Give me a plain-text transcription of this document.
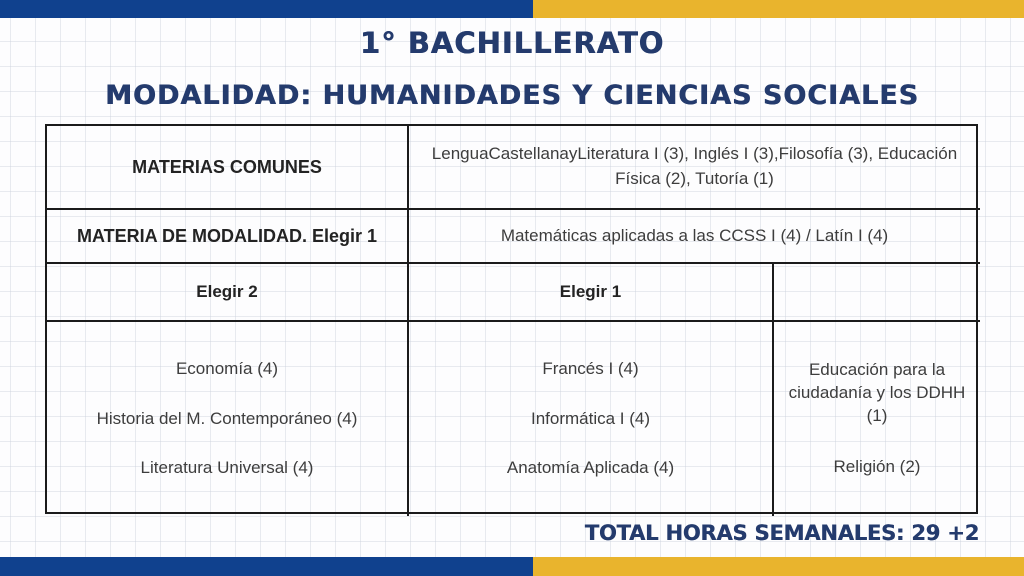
1° BACHILLERATO
MODALIDAD: HUMANIDADES Y CIENCIAS SOCIALES
MATERIAS COMUNES
LenguaCastellanayLiteratura I (3), Inglés I (3),Filosofía (3), Educación Física (2), Tutoría (1)
MATERIA DE MODALIDAD. Elegir 1	Matemáticas aplicadas a las CCSS I (4) / Latín I (4)
Elegir 2	Elegir 1
Economía (4)
Historia del M. Contemporáneo (4)
Literatura Universal (4)
Francés I (4)
Informática I (4)
Anatomía Aplicada (4)
Educación para la ciudadanía y los DDHH (1)
Religión (2)
TOTAL HORAS SEMANALES: 29 +2
